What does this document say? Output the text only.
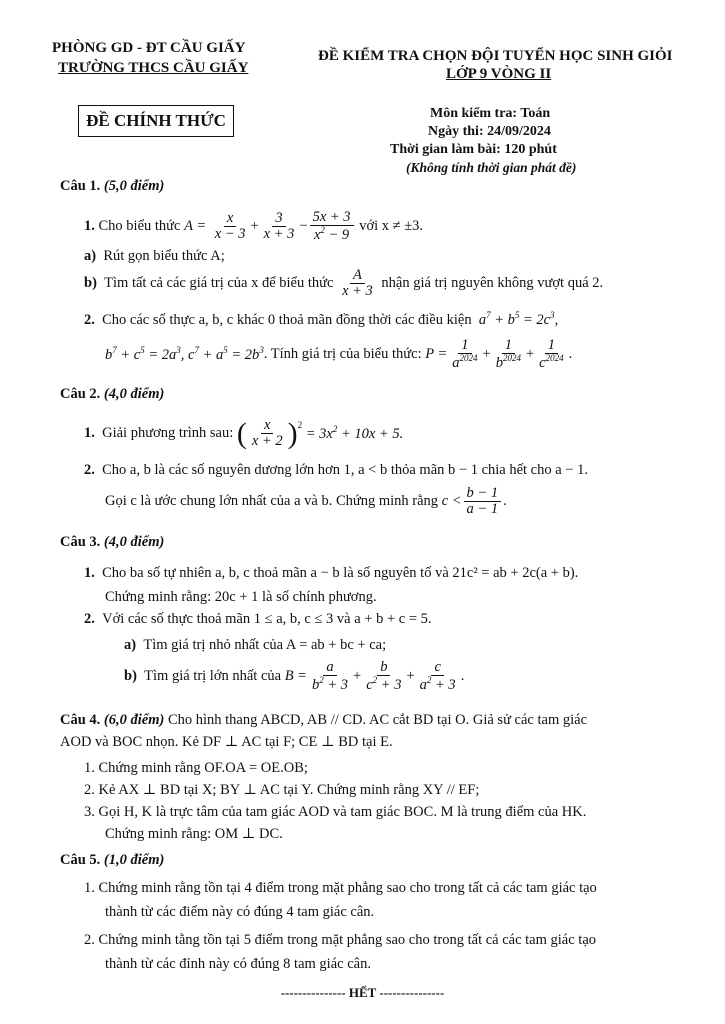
PHÒNG GD - ĐT CẦU GIẤY
TRƯỜNG THCS CẦU GIẤY
ĐỀ KIỂM TRA CHỌN ĐỘI TUYỂN HỌC SINH GIỎI
LỚP 9 VÒNG II
ĐỀ CHÍNH THỨC	Môn kiểm tra: Toán
Ngày thi: 24/09/2024
Thời gian làm bài: 120 phút
(Không tính thời gian phát đề)
Câu 1. (5,0 điểm)
1.
Cho biểu thức
$A = \frac{x}{x - 3} + \frac{3}{x + 3} - \frac{5x + 3}{x^2 - 9}$
với x ≠ ±3.
a) Rút gọn biểu thức A;
b)
Tìm tất cả các giá trị của x để biểu thức
$\frac{A}{x + 3}$
nhận giá trị nguyên không vượt quá 2.
2. Cho các số thực a, b, c khác 0 thoả mãn đồng thời các điều kiện  $a^7 + b^5 = 2c^3$,
$b^7 + c^5 = 2a^3$, $c^7 + a^5 = 2b^3$ . Tính giá trị của biểu thức:
$P = \frac{1}{a^{2024}} + \frac{1}{b^{2024}} + \frac{1}{c^{2024}}$ .
Câu 2. (4,0 điểm)
1.
Giải phương trình sau:
( $\frac{x}{x + 2} )^2$
= $3x^2 + 10x + 5$.
2. Cho a, b là các số nguyên dương lớn hơn 1, a < b thỏa mãn b − 1 chia hết cho a − 1.
Gọi c là ước chung lớn nhất của a và b. Chứng minh rằng
$c < \frac{b - 1}{a - 1}$ .
Câu 3. (4,0 điểm)
1. Cho ba số tự nhiên a, b, c thoả mãn a − b là số nguyên tố và 21c² = ab + 2c(a + b).
Chứng minh rằng: 20c + 1 là số chính phương.
2. Với các số thực thoả mãn 1 ≤ a, b, c ≤ 3 và a + b + c = 5.
a) Tìm giá trị nhỏ nhất của A = ab + bc + ca;
b)
Tìm giá trị lớn nhất của
$B = \frac{a}{b^2 + 3} + \frac{b}{c^2 + 3} + \frac{c}{a^2 + 3}$ .
Câu 4. (6,0 điểm) Cho hình thang ABCD, AB // CD. AC cắt BD tại O. Giả sử các tam giác
AOD và BOC nhọn. Kẻ DF ⊥ AC tại F; CE ⊥ BD tại E.
1. Chứng minh rằng OF.OA = OE.OB;
2. Kẻ AX ⊥ BD tại X; BY ⊥ AC tại Y. Chứng minh rằng XY // EF;
3. Gọi H, K là trực tâm của tam giác AOD và tam giác BOC. M là trung điểm của HK.
Chứng minh rằng: OM ⊥ DC.
Câu 5. (1,0 điểm)
1. Chứng minh rằng tồn tại 4 điểm trong mặt phẳng sao cho trong tất cả các tam giác tạo
thành từ các điểm này có đúng 4 tam giác cân.
2. Chứng minh tằng tồn tại 5 điểm trong mặt phẳng sao cho trong tất cả các tam giác tạo
thành từ các đỉnh này có đúng 8 tam giác cân.
--------------- HẾT ---------------
